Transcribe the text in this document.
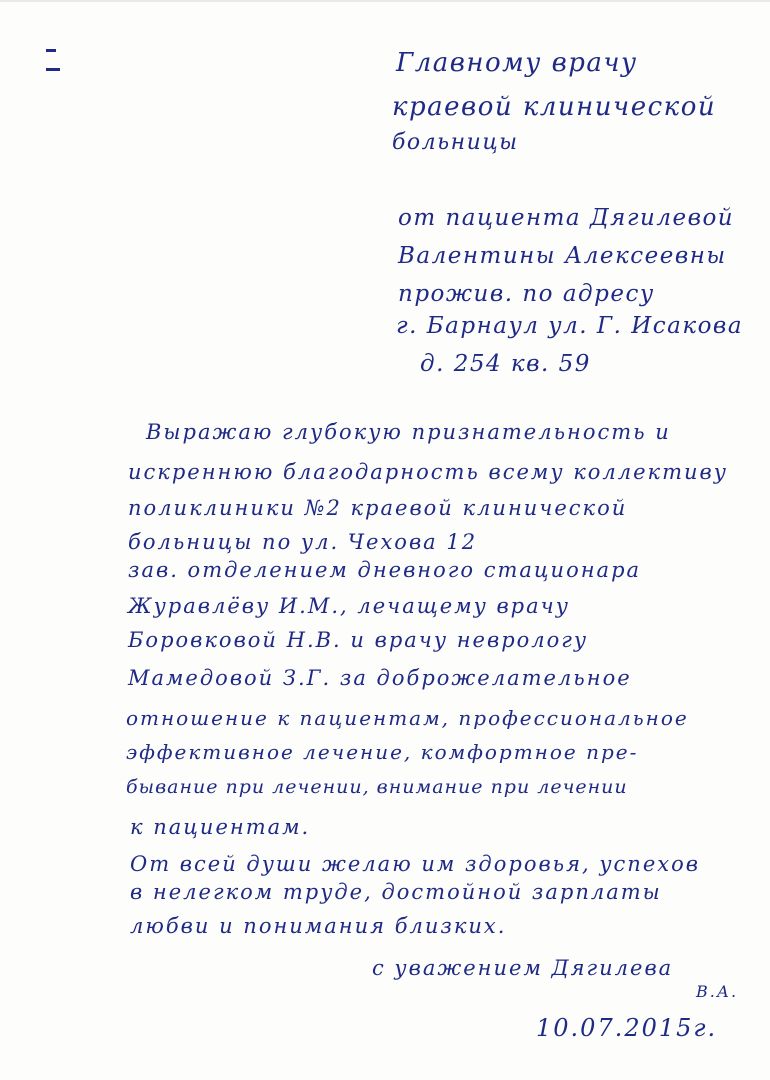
Главному врачу
краевой клинической
больницы
от пациента Дягилевой
Валентины Алексеевны
прожив. по адресу
г. Барнаул ул. Г. Исакова
д. 254 кв. 59
Выражаю глубокую признательность и
искреннюю благодарность всему коллективу
поликлиники №2 краевой клинической
больницы по ул. Чехова 12
зав. отделением дневного стационара
Журавлёву И.М., лечащему врачу
Боровковой Н.В. и врачу неврологу
Мамедовой З.Г. за доброжелательное
отношение к пациентам, профессиональное
эффективное лечение, комфортное пре-
бывание при лечении, внимание при лечении
к пациентам.
От всей души желаю им здоровья, успехов
в нелегком труде, достойной зарплаты
любви и понимания близких.
с уважением Дягилева
В.А.
10.07.2015г.
